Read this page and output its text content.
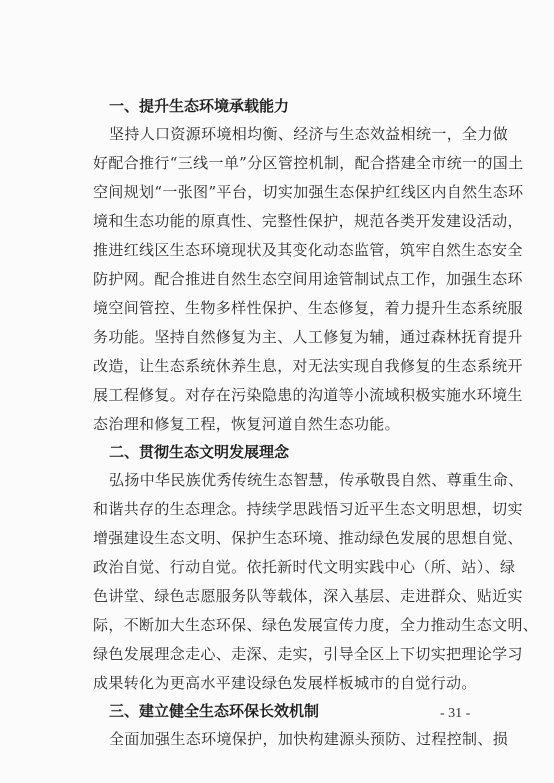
一、提升生态环境承载能力

坚持人口资源环境相均衡、经济与生态效益相统一，全力做

好配合推行“三线一单”分区管控机制，配合搭建全市统一的国土

空间规划“一张图”平台，切实加强生态保护红线区内自然生态环

境和生态功能的原真性、完整性保护，规范各类开发建设活动，

推进红线区生态环境现状及其变化动态监管，筑牢自然生态安全

防护网。配合推进自然生态空间用途管制试点工作，加强生态环

境空间管控、生物多样性保护、生态修复，着力提升生态系统服

务功能。坚持自然修复为主、人工修复为辅，通过森林抚育提升

改造，让生态系统休养生息，对无法实现自我修复的生态系统开

展工程修复。对存在污染隐患的沟道等小流域积极实施水环境生

态治理和修复工程，恢复河道自然生态功能。

二、贯彻生态文明发展理念

弘扬中华民族优秀传统生态智慧，传承敬畏自然、尊重生命、

和谐共存的生态理念。持续学思践悟习近平生态文明思想，切实

增强建设生态文明、保护生态环境、推动绿色发展的思想自觉、

政治自觉、行动自觉。依托新时代文明实践中心（所、站）、绿

色讲堂、绿色志愿服务队等载体，深入基层、走进群众、贴近实

际，不断加大生态环保、绿色发展宣传力度，全力推动生态文明、

绿色发展理念走心、走深、走实，引导全区上下切实把理论学习

成果转化为更高水平建设绿色发展样板城市的自觉行动。

三、建立健全生态环保长效机制

全面加强生态环境保护，加快构建源头预防、过程控制、损

- 31 -
